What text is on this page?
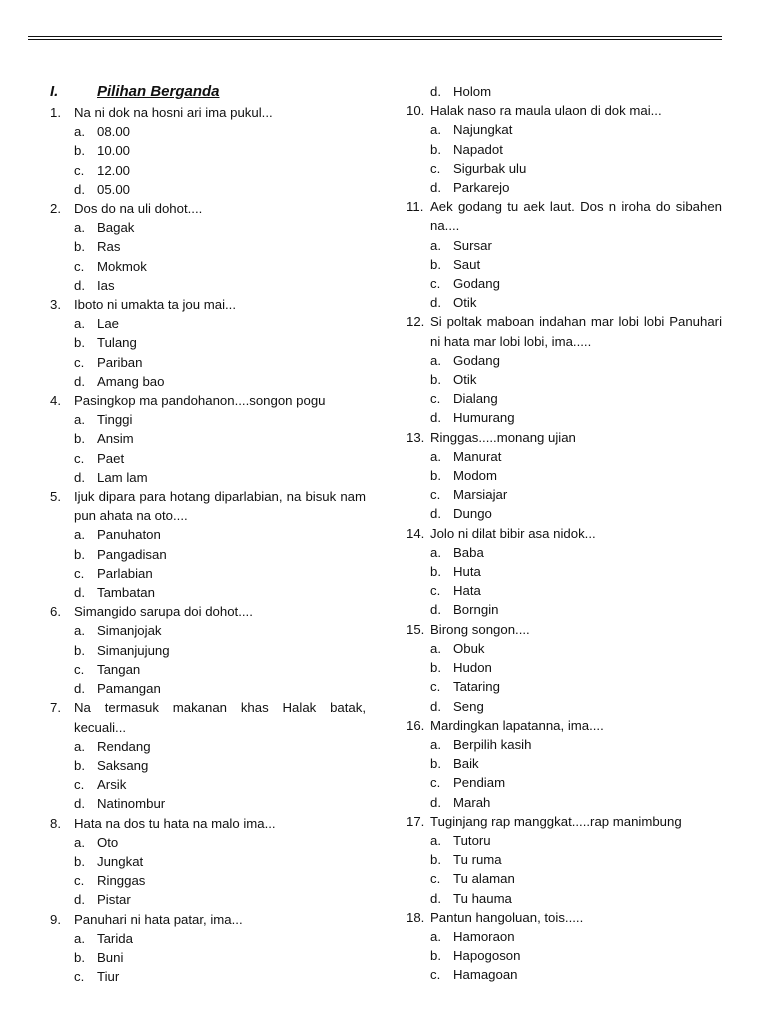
I.	Pilihan Berganda
1. Na ni dok na hosni ari ima pukul...
a. 08.00
b. 10.00
c. 12.00
d. 05.00
2. Dos do na uli dohot....
a. Bagak
b. Ras
c. Mokmok
d. Ias
3. Iboto ni umakta ta jou mai...
a. Lae
b. Tulang
c. Pariban
d. Amang bao
4. Pasingkop ma pandohanon....songon pogu
a. Tinggi
b. Ansim
c. Paet
d. Lam lam
5. Ijuk dipara para hotang diparlabian, na bisuk nam pun ahata na oto....
a. Panuhaton
b. Pangadisan
c. Parlabian
d. Tambatan
6. Simangido sarupa doi dohot....
a. Simanjojak
b. Simanjujung
c. Tangan
d. Pamangan
7. Na termasuk makanan khas Halak batak, kecuali...
a. Rendang
b. Saksang
c. Arsik
d. Natinombur
8. Hata na dos tu hata na malo ima...
a. Oto
b. Jungkat
c. Ringgas
d. Pistar
9. Panuhari ni hata patar, ima...
a. Tarida
b. Buni
c. Tiur
d. Holom
10. Halak naso ra maula ulaon di dok mai...
a. Najungkat
b. Napadot
c. Sigurbak ulu
d. Parkarejo
11. Aek godang tu aek laut. Dos n iroha do sibahen na....
a. Sursar
b. Saut
c. Godang
d. Otik
12. Si poltak maboan indahan mar lobi lobi Panuhari ni hata mar lobi lobi, ima.....
a. Godang
b. Otik
c. Dialang
d. Humurang
13. Ringgas.....monang ujian
a. Manurat
b. Modom
c. Marsiajar
d. Dungo
14. Jolo ni dilat bibir asa nidok...
a. Baba
b. Huta
c. Hata
d. Borngin
15. Birong songon....
a. Obuk
b. Hudon
c. Tataring
d. Seng
16. Mardingkan lapatanna, ima....
a. Berpilih kasih
b. Baik
c. Pendiam
d. Marah
17. Tuginjang rap manggkat.....rap manimbung
a. Tutoru
b. Tu ruma
c. Tu alaman
d. Tu hauma
18. Pantun hangoluan, tois.....
a. Hamoraon
b. Hapogoson
c. Hamagoan
